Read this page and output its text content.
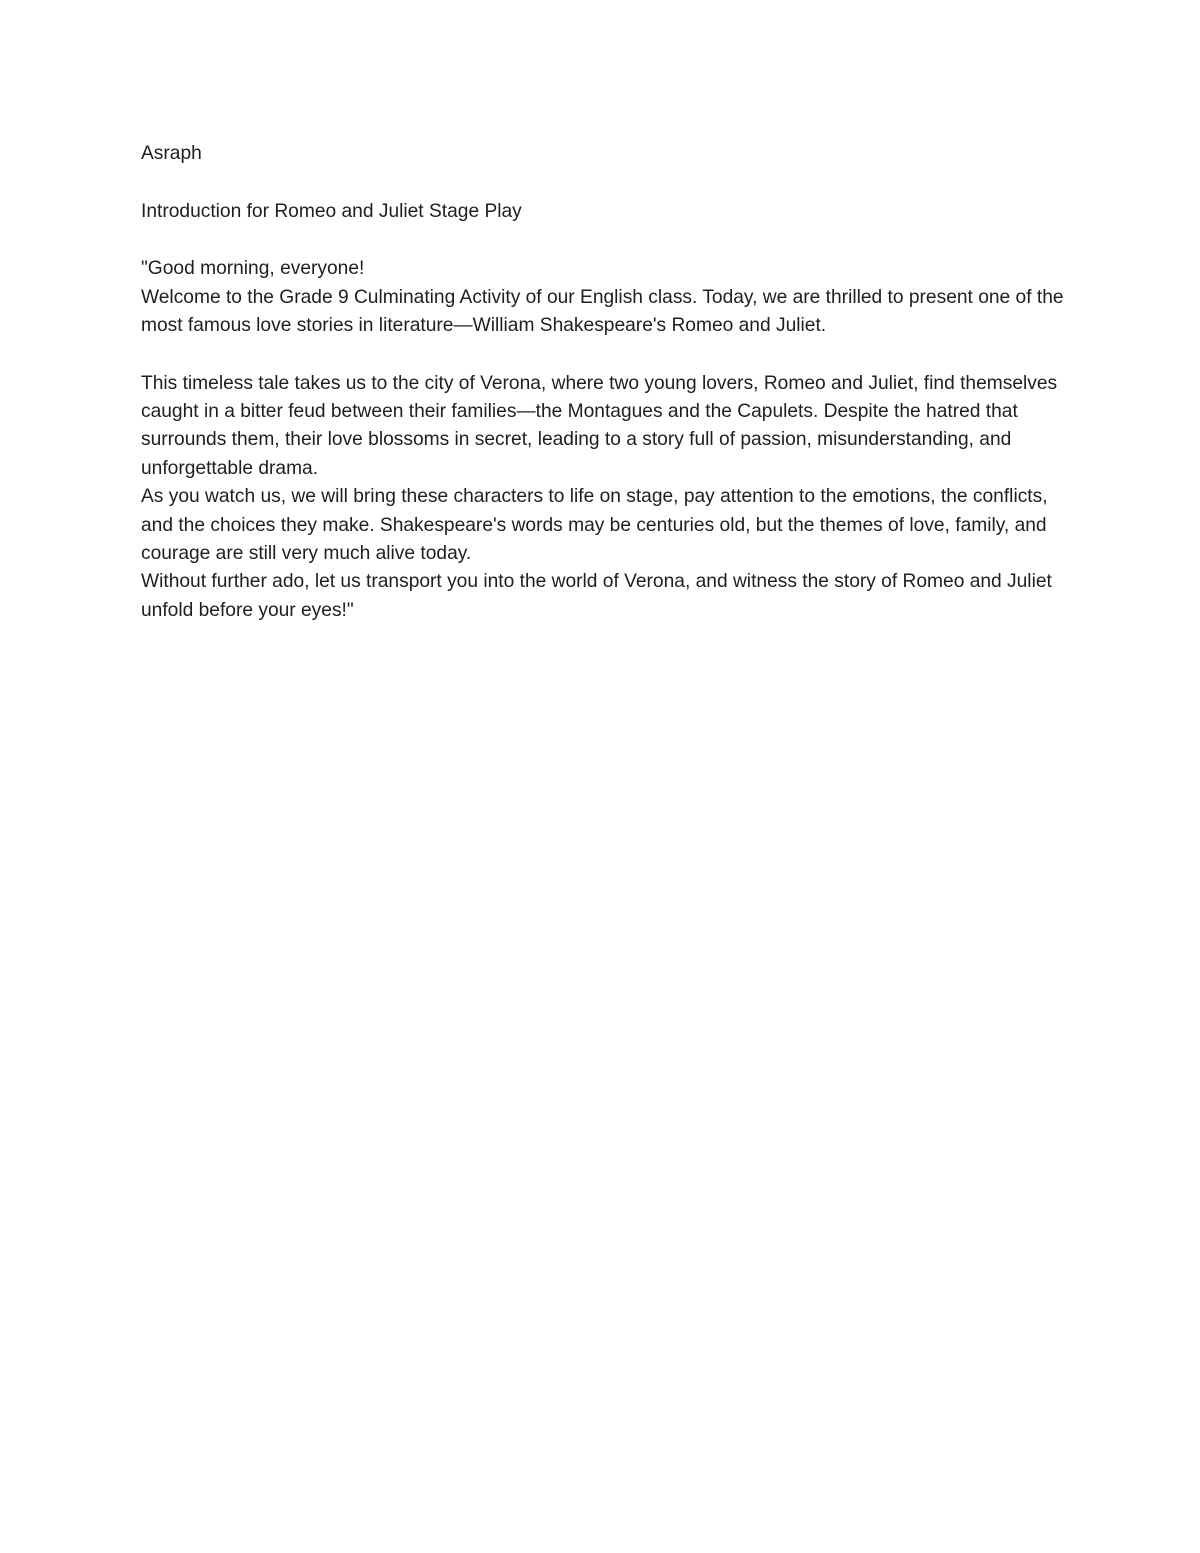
Asraph

Introduction for Romeo and Juliet Stage Play

"Good morning, everyone!

Welcome to the Grade 9 Culminating Activity of our English class. Today, we are thrilled to present one of the most famous love stories in literature—William Shakespeare's Romeo and Juliet.

This timeless tale takes us to the city of Verona, where two young lovers, Romeo and Juliet, find themselves caught in a bitter feud between their families—the Montagues and the Capulets. Despite the hatred that surrounds them, their love blossoms in secret, leading to a story full of passion, misunderstanding, and unforgettable drama.

As you watch us, we will bring these characters to life on stage, pay attention to the emotions, the conflicts, and the choices they make. Shakespeare's words may be centuries old, but the themes of love, family, and courage are still very much alive today.

Without further ado, let us transport you into the world of Verona, and witness the story of Romeo and Juliet unfold before your eyes!"
